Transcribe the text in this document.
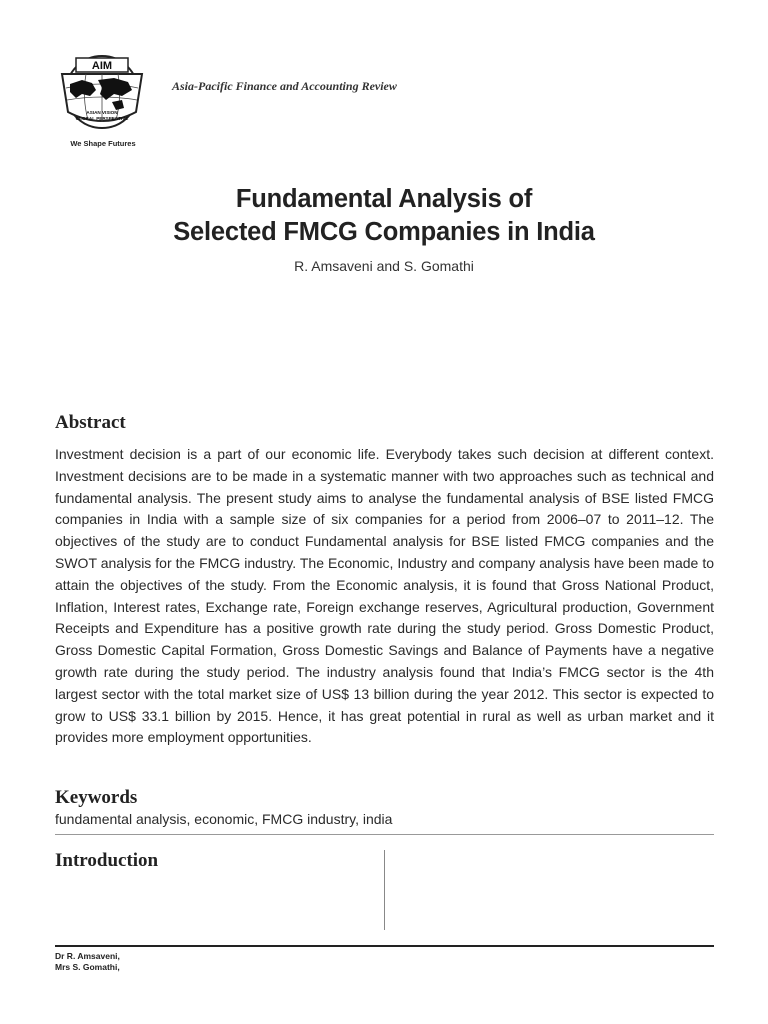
AIM
ASIAN VISION
GLOBAL PERSPECTIVE
We Shape Futures
Asia-Pacific Finance and Accounting Review
Fundamental Analysis of
Selected FMCG Companies in India
R. Amsaveni and S. Gomathi
Abstract

Investment decision is a part of our economic life. Everybody takes such decision at different context. Investment decisions are to be made in a systematic manner with two approaches such as technical and fundamental analysis. The present study aims to analyse the fundamental analysis of BSE listed FMCG companies in India with a sample size of six companies for a period from 2006–07 to 2011–12. The objectives of the study are to conduct Fundamental analysis for BSE listed FMCG companies and the SWOT analysis for the FMCG industry. The Economic, Industry and company analysis have been made to attain the objectives of the study. From the Economic analysis, it is found that Gross National Product, Inflation, Interest rates, Exchange rate, Foreign exchange reserves, Agricultural production, Government Receipts and Expenditure has a positive growth rate during the study period. Gross Domestic Product, Gross Domestic Capital Formation, Gross Domestic Savings and Balance of Payments have a negative growth rate during the study period. The industry analysis found that India’s FMCG sector is the 4th largest sector with the total market size of US$ 13 billion during the year 2012. This sector is expected to grow to US$ 33.1 billion by 2015. Hence, it has great potential in rural as well as urban market and it provides more employment opportunities.

Keywords
fundamental analysis, economic, FMCG industry, india
Introduction
Dr R. Amsaveni,
Mrs S. Gomathi,
